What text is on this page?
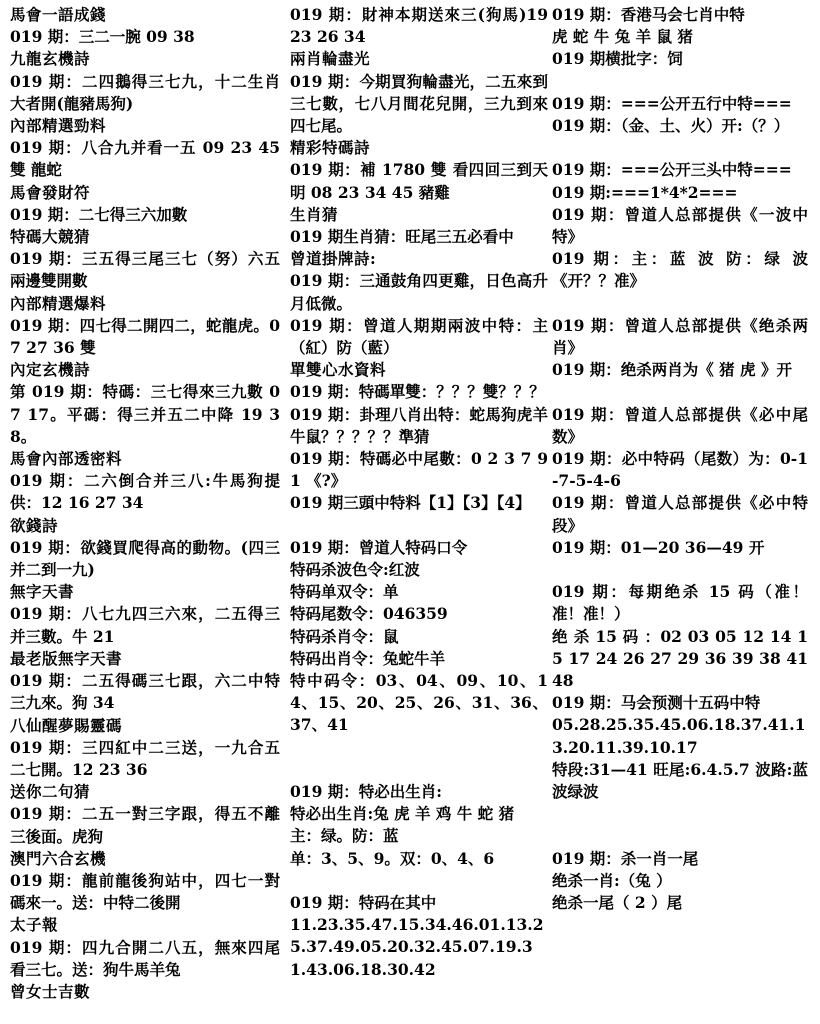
馬會一語成錢

019 期：三二一腕 09 38

九龍玄機詩

019 期：二四鵝得三七九，十二生肖大者開(龍豬馬狗)

內部精選勁料

019 期：八合九并看一五 09 23 45 雙 龍蛇

馬會發財符

019 期：二七得三六加數

特碼大競猜

019 期：三五得三尾三七（努）六五兩邊雙開數

內部精選爆料

019 期：四七得二開四二，蛇龍虎。07 27 36 雙

內定玄機詩

第 019 期：特碼：三七得來三九數 07 17。平碼：得三并五二中降 19 38。

馬會內部透密料

019 期：二六倒合并三八:牛馬狗提供：12 16 27 34

欲錢詩

019 期：欲錢買爬得高的動物。(四三并二到一九)

無字天書

019 期：八七九四三六來，二五得三并三數。牛 21

最老版無字天書

019 期：二五得碼三七跟，六二中特三九來。狗 34

八仙醒夢賜靈碼

019 期：三四紅中二三送，一九合五二七開。12 23 36

送你二句猜

019 期：二五一對三字跟，得五不離三後面。虎狗

澳門六合玄機

019 期：龍前龍後狗站中，四七一對碼來一。送：中特二後開

太子報

019 期：四九合開二八五，無來四尾看三七。送：狗牛馬羊兔

曾女士吉數

019 期：財神本期送來三(狗馬)19 23 26 34

兩肖輪盡光

019 期：今期買狗輪盡光，二五來到三七數，七八月間花兒開，三九到來四七尾。

精彩特碼詩

019 期：補 1780 雙 看四回三到天明 08 23 34 45 豬雞

生肖猜

019 期生肖猜：旺尾三五必看中

曾道掛牌詩:

019 期：三通鼓角四更雞，日色高升月低微。

019 期：曾道人期期兩波中特：主（紅）防（藍）

單雙心水資料

019 期：特碼單雙：？？？雙？？？

019 期：卦理八肖出特：蛇馬狗虎羊牛鼠？？？？？準猜

019 期：特碼必中尾數：0 2 3 7 9 1 《?》

019 期三頭中特料【1】【3】【4】

019 期：曾道人特码口令

特码杀波色令:红波

特码单双令：单

特码尾数令：046359

特码杀肖令：鼠

特码出肖令：兔蛇牛羊

特中码令：03、04、09、10、14、15、20、25、26、31、36、37、41

019 期：特必出生肖:

特必出生肖:兔 虎 羊 鸡 牛 蛇 猪

主：绿。防：蓝

单：3、5、9。双：0、4、6

019 期：特码在其中

11.23.35.47.15.34.46.01.13.25.37.49.05.20.32.45.07.19.31.43.06.18.30.42

019 期：香港马会七肖中特

虎 蛇 牛 兔 羊 鼠 猪

019 期横批字：饲

019 期：===公开五行中特===

019 期：（金、土、火）开:（？）

019 期：===公开三头中特===

019 期:===1*4*2===

019 期：曾道人总部提供《一波中特》

019 期：主：蓝 波 防：绿 波《开？？准》

019 期：曾道人总部提供《绝杀两肖》

019 期：绝杀两肖为《 猪 虎 》开

019 期：曾道人总部提供《必中尾数》

019 期：必中特码（尾数）为：0-1-7-5-4-6

019 期：曾道人总部提供《必中特段》

019 期：01—20 36—49 开

019 期：每期绝杀 15 码（准！准！准！）

绝 杀 15 码 ：02 03 05 12 14 15 17 24 26 27 29 36 39 38 41 48

019 期：马会预测十五码中特

05.28.25.35.45.06.18.37.41.13.20.11.39.10.17

特段:31—41 旺尾:6.4.5.7 波路:蓝波绿波

019 期：杀一肖一尾

绝杀一肖:（兔 ）

绝杀一尾（ 2 ）尾
